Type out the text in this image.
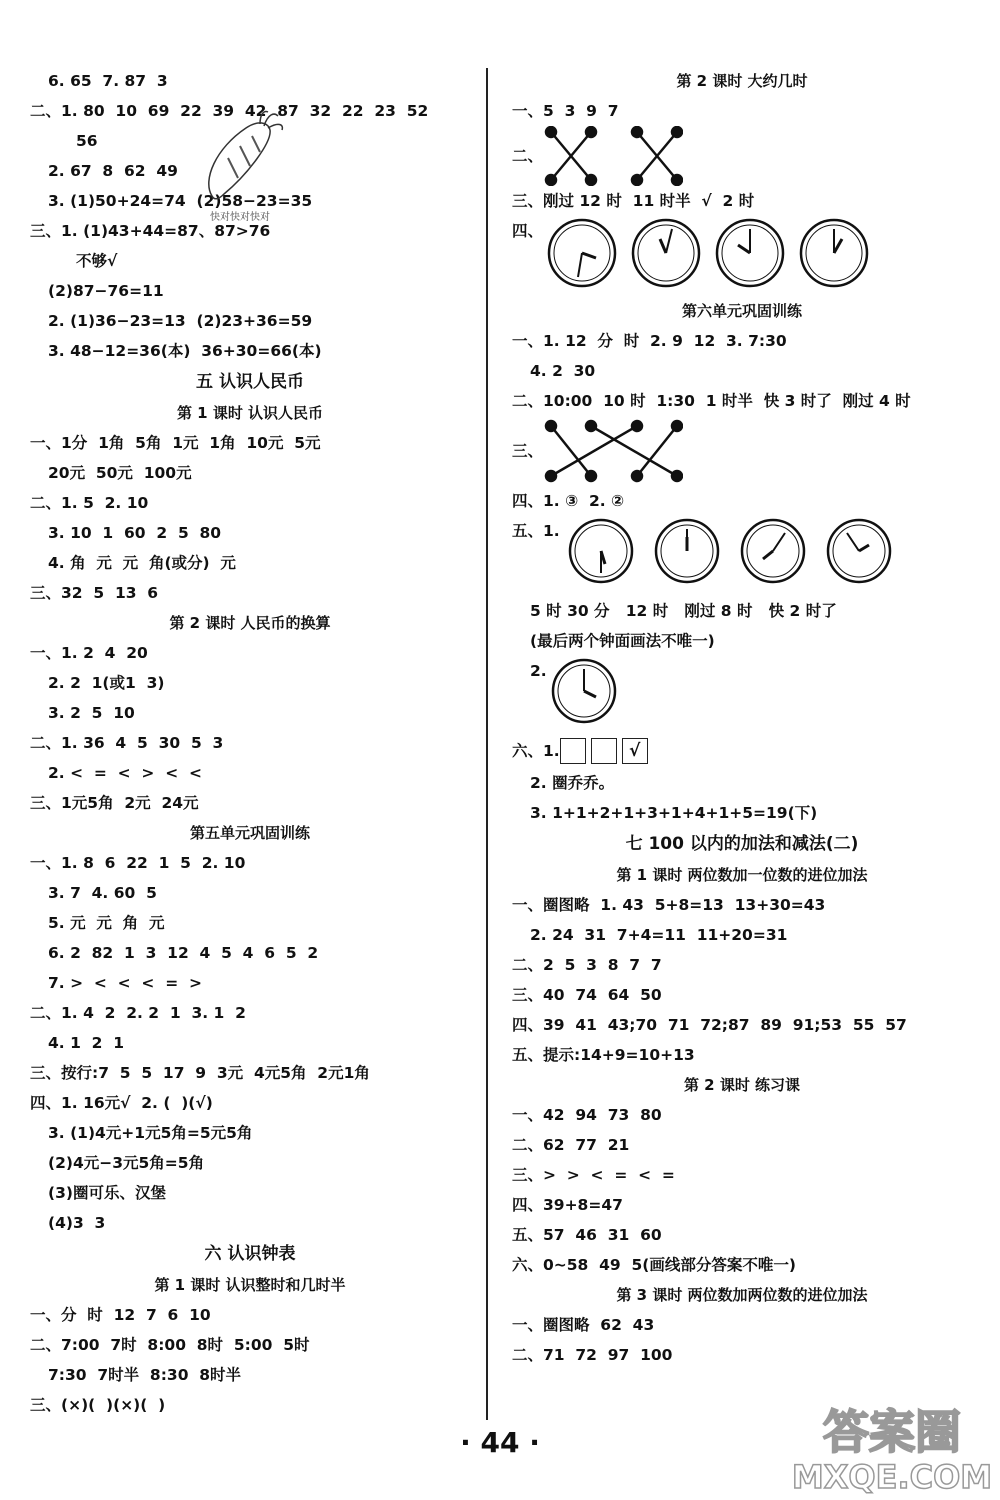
6. 65  7. 87  3
二、1. 80  10  69  22  39  42  87  32  22  23  52
56
2. 67  8  62  49
3. (1)50+24=74  (2)58−23=35
三、1. (1)43+44=87、87>76
不够√
(2)87−76=11
2. (1)36−23=13  (2)23+36=59
3. 48−12=36(本)  36+30=66(本)
五 认识人民币
第 1 课时 认识人民币
一、1分  1角  5角  1元  1角  10元  5元
20元  50元  100元
二、1. 5  2. 10
3. 10  1  60  2  5  80
4. 角  元  元  角(或分)  元
三、32  5  13  6
第 2 课时 人民币的换算
一、1. 2  4  20
2. 2  1(或1  3)
3. 2  5  10
二、1. 36  4  5  30  5  3
2. <  =  <  >  <  <
三、1元5角  2元  24元
第五单元巩固训练
一、1. 8  6  22  1  5  2. 10
3. 7  4. 60  5
5. 元  元  角  元
6. 2  82  1  3  12  4  5  4  6  5  2
7. >  <  <  <  =  >
二、1. 4  2  2. 2  1  3. 1  2
4. 1  2  1
三、按行:7  5  5  17  9  3元  4元5角  2元1角
四、1. 16元√  2. (  )(√)
3. (1)4元+1元5角=5元5角
(2)4元−3元5角=5角
(3)圈可乐、汉堡
(4)3  3
六 认识钟表
第 1 课时 认识整时和几时半
一、分  时  12  7  6  10
二、7:00  7时  8:00  8时  5:00  5时
7:30  7时半  8:30  8时半
三、(×)(  )(×)(  )
快对快对快对
第 2 课时 大约几时
一、5  3  9  7
二、
三、刚过 12 时  11 时半  √  2 时
四、
第六单元巩固训练
一、1. 12  分  时  2. 9  12  3. 7:30
4. 2  30
二、10:00  10 时  1:30  1 时半  快 3 时了  刚过 4 时
三、
四、1. ③  2. ②
五、1.
5 时 30 分   12 时   刚过 8 时   快 2 时了
(最后两个钟面画法不唯一)
2.
六、1.	√
2. 圈乔乔。
3. 1+1+2+1+3+1+4+1+5=19(下)
七 100 以内的加法和减法(二)
第 1 课时 两位数加一位数的进位加法
一、圈图略  1. 43  5+8=13  13+30=43
2. 24  31  7+4=11  11+20=31
二、2  5  3  8  7  7
三、40  74  64  50
四、39  41  43;70  71  72;87  89  91;53  55  57
五、提示:14+9=10+13
第 2 课时 练习课
一、42  94  73  80
二、62  77  21
三、>  >  <  =  <  =
四、39+8=47
五、57  46  31  60
六、0~58  49  5(画线部分答案不唯一)
第 3 课时 两位数加两位数的进位加法
一、圈图略  62  43
二、71  72  97  100
· 44 ·	答案圈
MXQE.COM
